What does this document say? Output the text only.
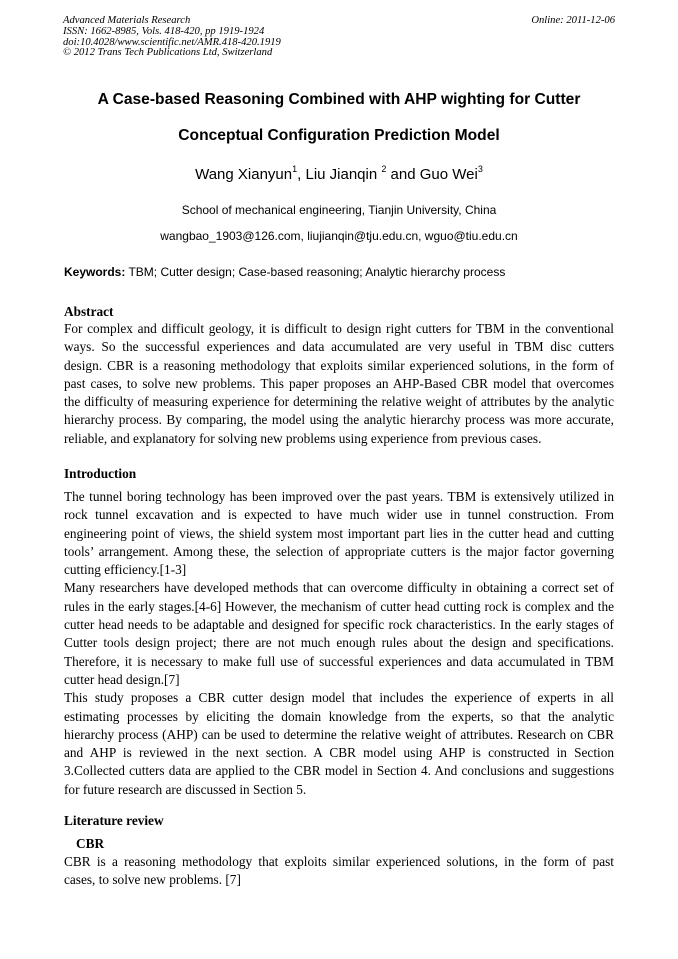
Advanced Materials Research
ISSN: 1662-8985, Vols. 418-420, pp 1919-1924
doi:10.4028/www.scientific.net/AMR.418-420.1919
© 2012 Trans Tech Publications Ltd, Switzerland
Online: 2011-12-06
A Case-based Reasoning Combined with AHP wighting for Cutter
Conceptual Configuration Prediction Model
Wang Xianyun$^1$, Liu Jianqin $^2$ and Guo Wei$^3$
School of mechanical engineering, Tianjin University, China
wangbao_1903@126.com, liujianqin@tju.edu.cn, wguo@tiu.edu.cn
Keywords: TBM; Cutter design; Case-based reasoning; Analytic hierarchy process
Abstract
For complex and difficult geology, it is difficult to design right cutters for TBM in the conventional
ways. So the successful experiences and data accumulated are very useful in TBM disc cutters
design. CBR is a reasoning methodology that exploits similar experienced solutions, in the form of
past cases, to solve new problems. This paper proposes an AHP-Based CBR model that overcomes
the difficulty of measuring experience for determining the relative weight of attributes by the analytic
hierarchy process. By comparing, the model using the analytic hierarchy process was more accurate,
reliable, and explanatory for solving new problems using experience from previous cases.
Introduction
The tunnel boring technology has been improved over the past years. TBM is extensively utilized in
rock tunnel excavation and is expected to have much wider use in tunnel construction. From
engineering point of views, the shield system most important part lies in the cutter head and cutting
tools’ arrangement. Among these, the selection of appropriate cutters is the major factor governing
cutting efficiency.[1-3]
Many researchers have developed methods that can overcome difficulty in obtaining a correct set of
rules in the early stages.[4-6] However, the mechanism of cutter head cutting rock is complex and the
cutter head needs to be adaptable and designed for specific rock characteristics. In the early stages of
Cutter tools design project; there are not much enough rules about the design and specifications.
Therefore, it is necessary to make full use of successful experiences and data accumulated in TBM
cutter head design.[7]
This study proposes a CBR cutter design model that includes the experience of experts in all
estimating processes by eliciting the domain knowledge from the experts, so that the analytic
hierarchy process (AHP) can be used to determine the relative weight of attributes. Research on CBR
and AHP is reviewed in the next section. A CBR model using AHP is constructed in Section
3.Collected cutters data are applied to the CBR model in Section 4. And conclusions and suggestions
for future research are discussed in Section 5.
Literature review
CBR
CBR is a reasoning methodology that exploits similar experienced solutions, in the form of past
cases, to solve new problems. [7]
